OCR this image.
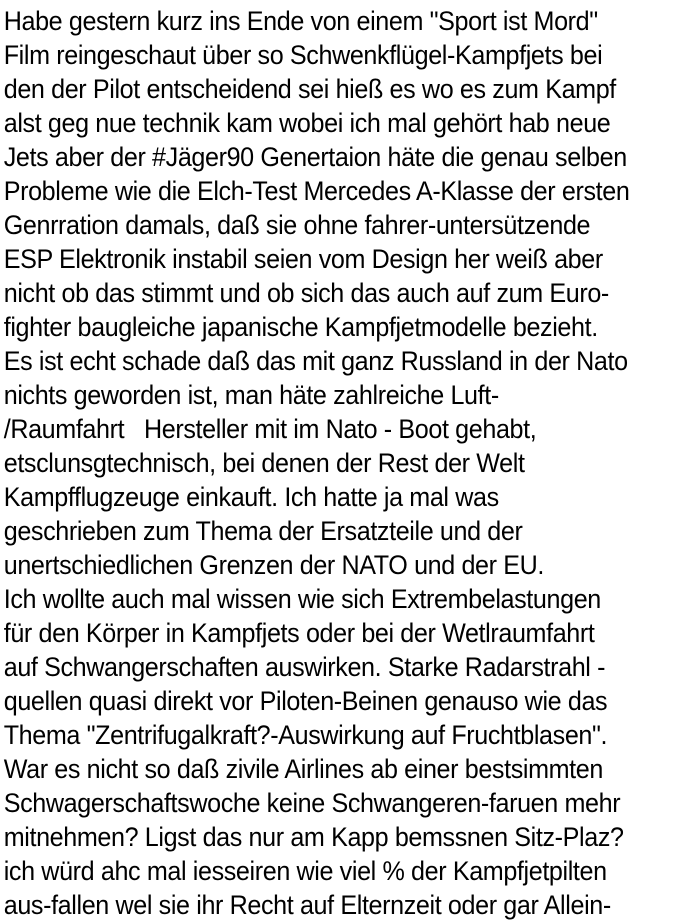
Habe gestern kurz ins Ende von einem "Sport ist Mord"
Film reingeschaut über so Schwenkflügel-Kampfjets bei
den der Pilot entscheidend sei hieß es wo es zum Kampf
alst geg nue technik kam wobei ich mal gehört hab neue
Jets aber der #Jäger90 Genertaion häte die genau selben
Probleme wie die Elch-Test Mercedes A-Klasse der ersten
Genrration damals, daß sie ohne fahrer-untersützende
ESP Elektronik instabil seien vom Design her weiß aber
nicht ob das stimmt und ob sich das auch auf zum Euro-
fighter baugleiche japanische Kampfjetmodelle bezieht.
Es ist echt schade daß das mit ganz Russland in der Nato
nichts geworden ist, man häte zahlreiche Luft-
/Raumfahrt   Hersteller mit im Nato - Boot gehabt,
etsclunsgtechnisch, bei denen der Rest der Welt
Kampfflugzeuge einkauft. Ich hatte ja mal was
geschrieben zum Thema der Ersatzteile und der
unertschiedlichen Grenzen der NATO und der EU.
Ich wollte auch mal wissen wie sich Extrembelastungen
für den Körper in Kampfjets oder bei der Wetlraumfahrt
auf Schwangerschaften auswirken. Starke Radarstrahl -
quellen quasi direkt vor Piloten-Beinen genauso wie das
Thema "Zentrifugalkraft?-Auswirkung auf Fruchtblasen".
War es nicht so daß zivile Airlines ab einer bestsimmten
Schwagerschaftswoche keine Schwangeren-faruen mehr
mitnehmen? Ligst das nur am Kapp bemssnen Sitz-Plaz?
ich würd ahc mal iesseiren wie viel % der Kampfjetpilten
aus-fallen wel sie ihr Recht auf Elternzeit oder gar Allein-
